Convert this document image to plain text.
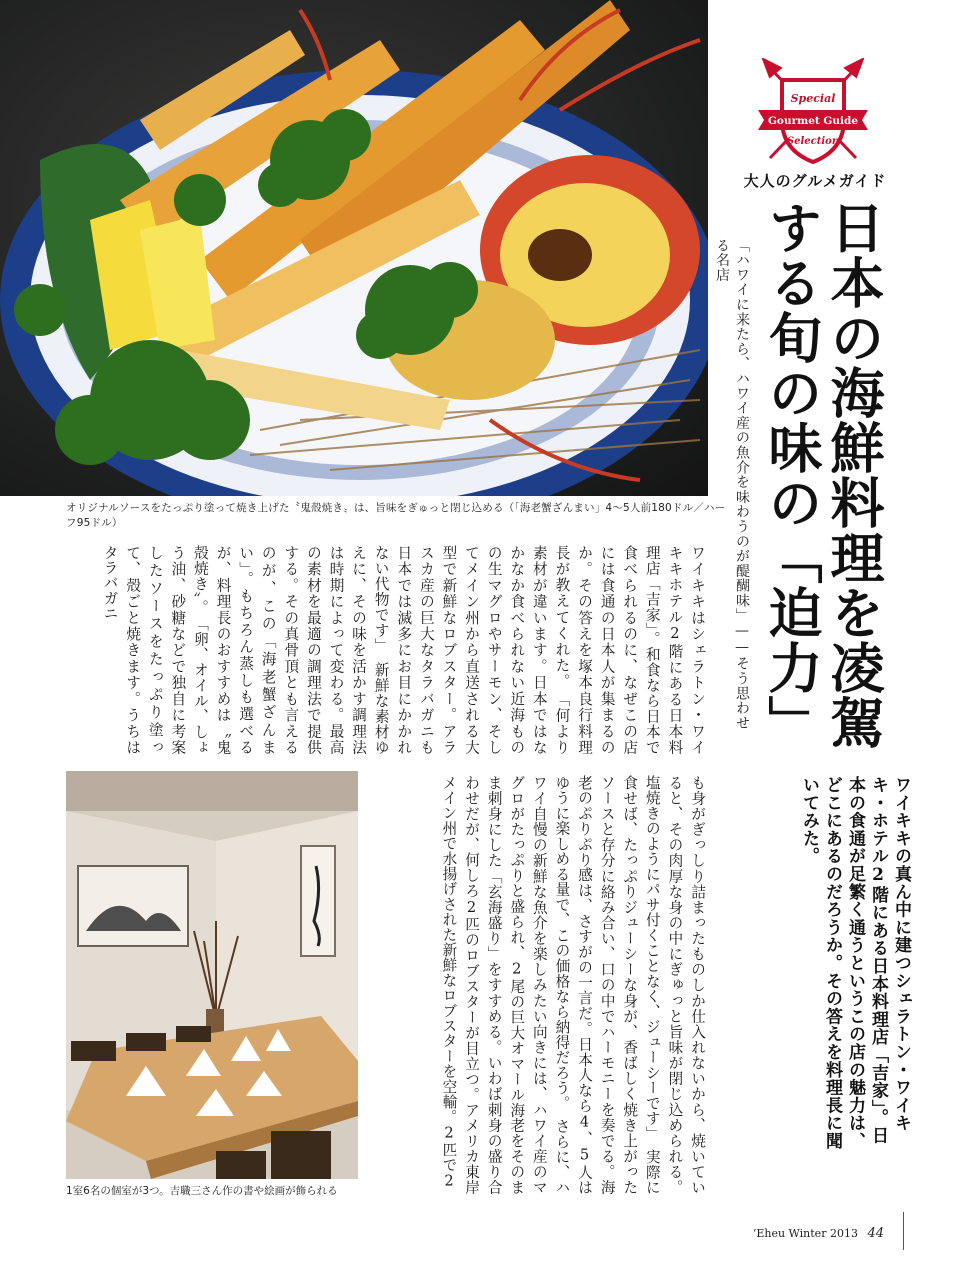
オリジナルソースをたっぷり塗って焼き上げた〝鬼殻焼き〟は、旨味をぎゅっと閉じ込める（「海老蟹ざんまい」4〜5人前180ドル／ハーフ95ドル）
ワイキキはシェラトン・ワイキキホテル2階にある日本料理店「吉家」。和食なら日本で食べられるのに、なぜこの店には食通の日本人が集まるのか。その答えを塚本良行料理長が教えてくれた。　「何より素材が違います。日本ではなかなか食べられない近海ものの生マグロやサーモン、そしてメイン州から直送される大型で新鮮なロブスター。アラスカ産の巨大なタラバガニも日本では滅多にお目にかかれない代物です」　新鮮な素材ゆえに、その味を活かす調理法は時期によって変わる。最高の素材を最適の調理法で提供する。その真骨頂とも言えるのが、この「海老蟹ざんまい」。もちろん蒸しも選べるが、料理長のおすすめは〝鬼殻焼き〟。　「卵、オイル、しょう油、砂糖などで独自に考案したソースをたっぷり塗って、殻ごと焼きます。うちはタラバガニ
1室6名の個室が3つ。吉職三さん作の書や絵画が飾られる	も身がぎっしり詰まったものしか仕入れないから、焼いていると、その肉厚な身の中にぎゅっと旨味が閉じ込められる。塩焼きのようにパサ付くことなく、ジューシーです」　実際に食せば、たっぷりジューシーな身が、香ばしく焼き上がったソースと存分に絡み合い、口の中でハーモニーを奏でる。海老のぷりぷり感は、さすがの一言だ。日本人なら4、5人はゆうに楽しめる量で、この価格なら納得だろう。　さらに、ハワイ自慢の新鮮な魚介を楽しみたい向きには、ハワイ産のマグロがたっぷりと盛られ、2尾の巨大オマール海老をそのまま刺身にした「玄海盛り」をすすめる。いわば刺身の盛り合わせだが、何しろ2匹のロブスターが目立つ。アメリカ東岸メイン州で水揚げされた新鮮なロブスターを空輸。2匹で2
Special
Gourmet Guide
Selection
大人のグルメガイド
日本の海鮮料理を凌駕する旬の味の「迫力」
「ハワイに来たら、ハワイ産の魚介を味わうのが醍醐味」——そう思わせる名店
ワイキキの真ん中に建つシェラトン・ワイキキ・ホテル2階にある日本料理店「吉家」。日本の食通が足繁く通うというこの店の魅力は、どこにあるのだろうか。その答えを料理長に聞いてみた。
ʻEheu Winter 2013 44
